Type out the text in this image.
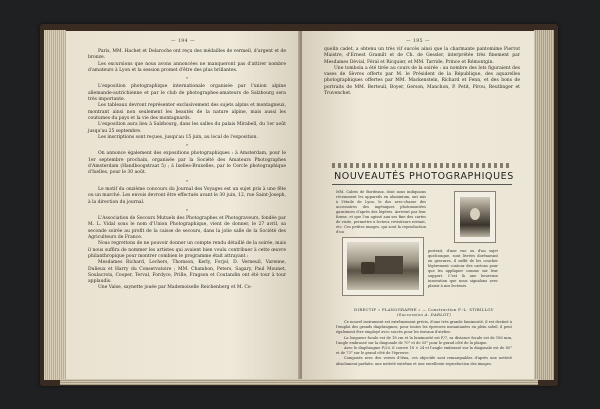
— 194 —

Paris, MM. Hachet et Delaroche ont reçu des médailles de vermeil, d'argent et de bronze.

Les excursions que nous avons annoncées ne manqueront pas d'attirer nombre d'amateurs à Lyon et la session promet d'être des plus brillantes.

*

L'exposition photographique internationale organisée par l'union alpine allemande-autrichienne et par le club de photographes-amateurs de Salzbourg sera très importante.

Les tableaux devront représenter exclusivement des sujets alpins et montagneux, montrant ainsi non seulement les beautés de la nature alpine, mais aussi les coutumes du pays et la vie des montagnards.

L'exposition aura lieu à Salzbourg, dans les salles du palais Mirabell, du 1er août jusqu'au 25 septembre.

Les inscriptions sont reçues, jusqu'au 15 juin, au local de l'exposition.

*

On annonce également des expositions photographiques : à Amsterdam, pour le 1er septembre prochain, organisée par la Société des Amateurs Photographes d'Amsterdam (Handboogstraat 5) ; à Ixelles-Bruxelles, par le Cercle photographique d'Ixelles, pour le 30 août.

*

Le motif du onzième concours du Journal des Voyages est un sujet pris à une fête ou un marché. Les envois devront être effectués avant le 30 juin, 12, rue Saint-Joseph, à la direction du journal.

*

L'Association de Secours Mutuels des Photographes et Photograveurs, fondée par M. L. Vidal sous le nom d'Union Photographique, vient de donner, le 27 avril, sa seconde soirée au profit de la caisse de secours, dans la jolie salle de la Société des Agriculteurs de France.

Nous regrettons de ne pouvoir donner un compte rendu détaillé de la soirée, mais il nous suffira de nommer les artistes qui avaient bien voulu contribuer à cette œuvre philanthropique pour montrer combien le programme était attrayant :

Mesdames Richard, Lechers, Thomson, Kerly, Forjol, D. Verneuil, Varenne, Dulieux et Harry du Conservatoire ; MM. Chambon, Peters, Sagary, Paul Mounet, Soulacroix, Cooper, Terval, Fordyce, Prille, Fragson et Coutandin ont été tour à tour applaudis.

Une Valse, saynette jouée par Mademoiselle Reichenberg et M. Co-

— 195 —

quelin cadet, a obtenu un très vif succès ainsi que la charmante pantomime Pierrot Maistre, d'Ernest Gramilt et de Ch. de Gessler, interprétée très finement par Mesdames Dévial, Féral et Ricquier, et MM. Tarride, Prince et Rémontgin.

Une tombola a été tirée au cours de la soirée : au nombre des lots figuraient des vases de Sèvres offerts par M. le Président de la République, des aquarelles photographiques offertes par MM. Mackenstein, Richard et Fenn, et des bons de portraits de MM. Berteuil, Boyer, Gerson, Manchon, P. Petit, Pirou, Reutlinger et Truvenchet.

NOUVEAUTÉS PHOTOGRAPHIQUES
MM. Cabris de Bordeaux, dont nous indiquions récemment les appareils en aluminium, ont mis à l'étude de Lyon, le dos avec-chasse des accessoires des ingéniques photomontées garnitures d'après des légères. Arrivent par leur forme, et que l'on agissé aux ses fine des cartes de visite, permettre à lecteur, revisiteurs restant, etc. Ces petites images, qui sont la reproduction d'un
portrait, d'une vue ou d'un sujet quelconque, sont livrées dorénavant en gravures, il suffit de les coucher légèrement contour des cartons pour que les appliquer comme sur leur support. C'est là une heureuse innovation que nous signalons avec plaisir à nos lecteurs.
DIRECTIF « PLANOGRAPHE » — Construction F.-L. STIBILLOV
(Succession A. DARLOT)

Ce nouvel instrument est extrêmement précis, d'une très grande luminosité, il est destiné à l'emploi des grands diaphragmes, pour toutes les épreuves instantanées en plein soleil, il peut également être employé avec succès pour les travaux d'atelier.

La longueur focale est de 18 cm et la luminosité est F/7, sa distance focale est de 180 mm, l'angle embrassé sur la diagonale de 70° et de 55° pour le grand côté de la plaque.

Avec le diaphragme F/20, il couvre 18 × 24 et l'angle embrassé sur la diagonale est de 85° et de 73° sur le grand côté de l'épreuve.

Composés avec des verres d'Iéna, ces objectifs sont remarquables d'après une netteté absolument parfaite, une netteté extrême et une excellente reproduction des images.
